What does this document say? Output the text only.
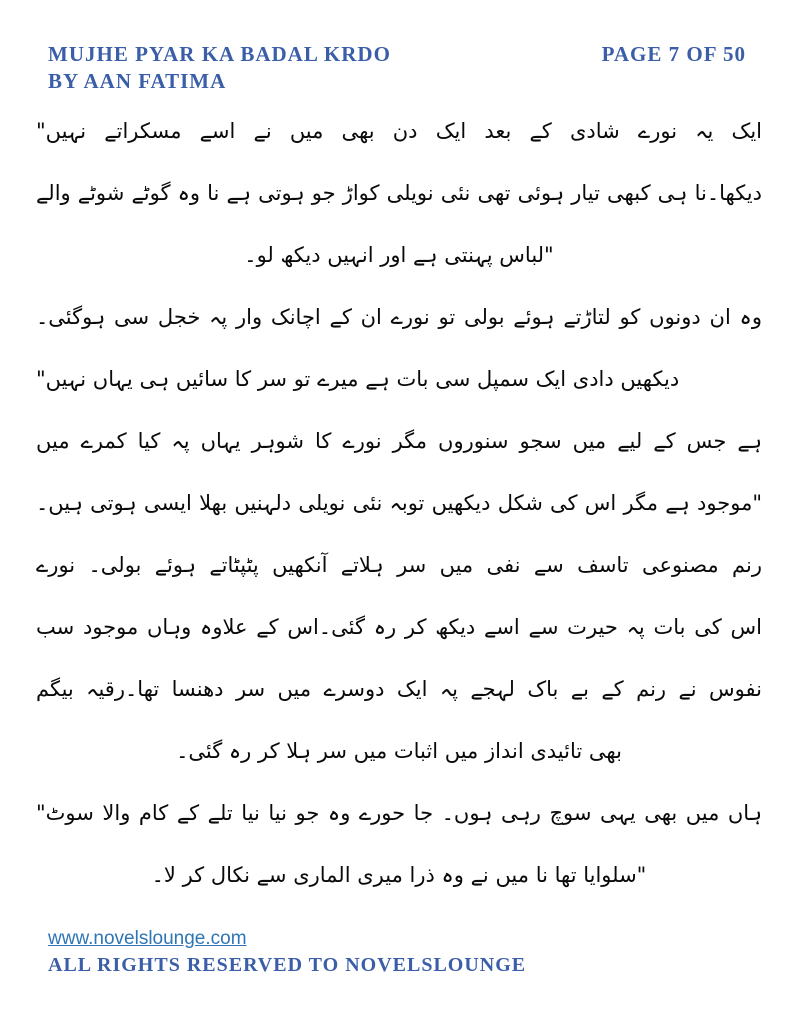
MUJHE PYAR KA BADAL KRDO
BY AAN FATIMA
PAGE 7 OF 50
ایک یہ نورے شادی کے بعد ایک دن بھی میں نے اسے مسکراتے نہیں"
دیکھا۔نا ہی کبھی تیار ہوئی تھی نئی نویلی کواڑ جو ہوتی ہے نا وہ گوٹے شوٹے والے
"لباس پہنتی ہے اور انہیں دیکھ لو۔
وہ ان دونوں کو لتاڑتے ہوئے بولی تو نورے ان کے اچانک وار پہ خجل سی ہوگئی۔
دیکھیں دادی ایک سمپل سی بات ہے میرے تو سر کا سائیں ہی یہاں نہیں"
ہے جس کے لیے میں سجو سنوروں مگر نورے کا شوہر یہاں پہ کیا کمرے میں
"موجود ہے مگر اس کی شکل دیکھیں توبہ نئی نویلی دلہنیں بھلا ایسی ہوتی ہیں۔
رنم مصنوعی تاسف سے نفی میں سر ہلاتے آنکھیں پٹپٹاتے ہوئے بولی۔ نورے
اس کی بات پہ حیرت سے اسے دیکھ کر رہ گئی۔اس کے علاوہ وہاں موجود سب
نفوس نے رنم کے بے باک لہجے پہ ایک دوسرے میں سر دھنسا تھا۔رقیہ بیگم
بھی تائیدی انداز میں اثبات میں سر ہلا کر رہ گئی۔
ہاں میں بھی یہی سوچ رہی ہوں۔ جا حورے وہ جو نیا نیا تلے کے کام والا سوٹ"
"سلوایا تھا نا میں نے وہ ذرا میری الماری سے نکال کر لا۔
www.novelslounge.com
ALL RIGHTS RESERVED TO NOVELSLOUNGE
